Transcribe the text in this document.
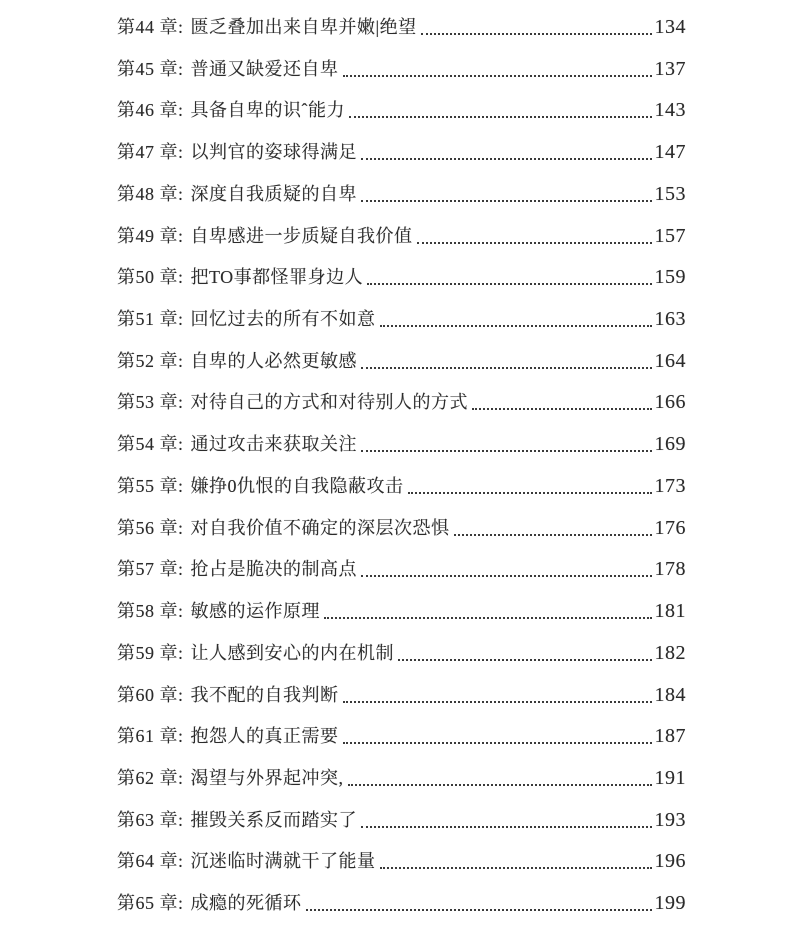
第44 章: 匮乏叠加出来自卑并嫩|绝望	134
第45 章: 普通又缺爱还自卑	137
第46 章: 具备自卑的识ˆ能力	143
第47 章: 以判官的姿球得满足	147
第48 章: 深度自我质疑的自卑	153
第49 章: 自卑感进一步质疑自我价值	157
第50 章: 把TO事都怪罪身边人	159
第51 章: 回忆过去的所有不如意	163
第52 章: 自卑的人必然更敏感	164
第53 章: 对待自己的方式和对待别人的方式	166
第54 章: 通过攻击来获取关注	169
第55 章: 嫌挣0仇恨的自我隐蔽攻击	173
第56 章: 对自我价值不确定的深层次恐惧	176
第57 章: 抢占是脆决的制高点	178
第58 章: 敏感的运作原理	181
第59 章: 让人感到安心的内在机制	182
第60 章: 我不配的自我判断	184
第61 章: 抱怨人的真正需要	187
第62 章: 渴望与外界起冲突,	191
第63 章: 摧毁关系反而踏实了	193
第64 章: 沉迷临时满就干了能量	196
第65 章: 成瘾的死循环	199
